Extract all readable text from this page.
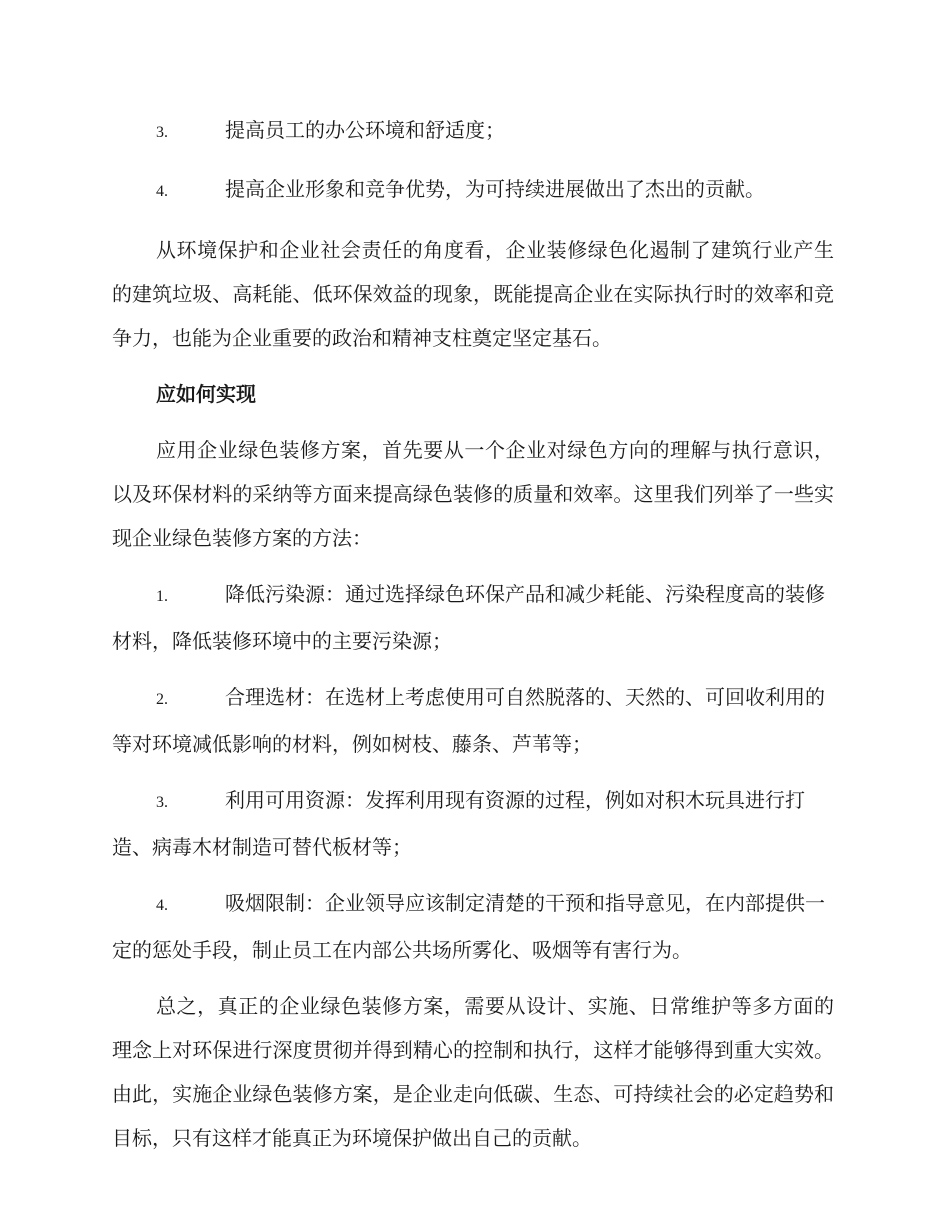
3.	提高员工的办公环境和舒适度；
4.	提高企业形象和竞争优势，为可持续进展做出了杰出的贡献。

从环境保护和企业社会责任的角度看，企业装修绿色化遏制了建筑行业产生的建筑垃圾、高耗能、低环保效益的现象，既能提高企业在实际执行时的效率和竞争力，也能为企业重要的政治和精神支柱奠定坚定基石。

应如何实现

应用企业绿色装修方案，首先要从一个企业对绿色方向的理解与执行意识，以及环保材料的采纳等方面来提高绿色装修的质量和效率。这里我们列举了一些实现企业绿色装修方案的方法：

1.	降低污染源：通过选择绿色环保产品和减少耗能、污染程度高的装修材料，降低装修环境中的主要污染源；
2.	合理选材：在选材上考虑使用可自然脱落的、天然的、可回收利用的等对环境减低影响的材料，例如树枝、藤条、芦苇等；
3.	利用可用资源：发挥利用现有资源的过程，例如对积木玩具进行打造、病毒木材制造可替代板材等；
4.	吸烟限制：企业领导应该制定清楚的干预和指导意见，在内部提供一定的惩处手段，制止员工在内部公共场所雾化、吸烟等有害行为。

总之，真正的企业绿色装修方案，需要从设计、实施、日常维护等多方面的理念上对环保进行深度贯彻并得到精心的控制和执行，这样才能够得到重大实效。由此，实施企业绿色装修方案，是企业走向低碳、生态、可持续社会的必定趋势和目标，只有这样才能真正为环境保护做出自己的贡献。
